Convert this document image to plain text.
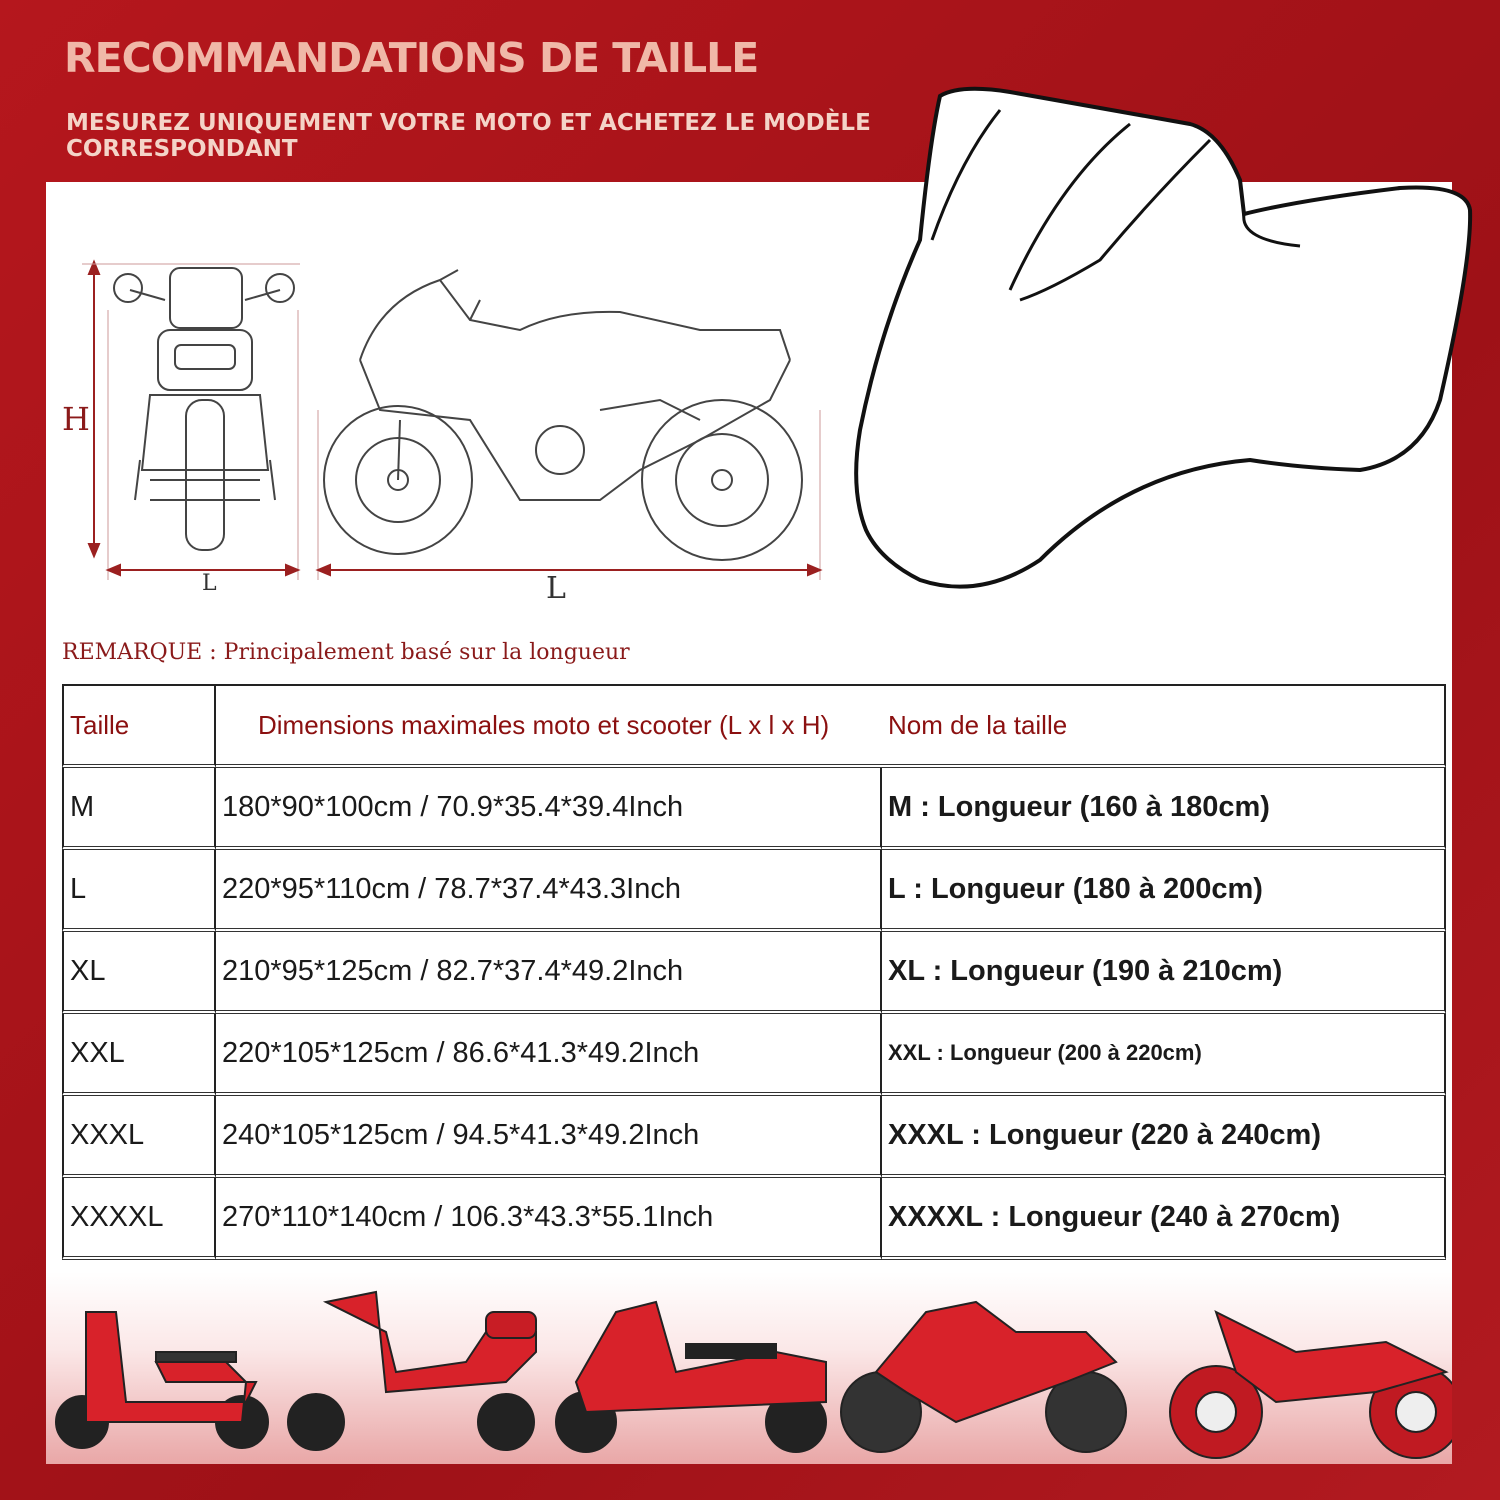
RECOMMANDATIONS DE TAILLE

MESUREZ UNIQUEMENT VOTRE MOTO ET ACHETEZ LE MODÈLE CORRESPONDANT

H
L	L
REMARQUE : Principalement basé sur la longueur
Taille	Dimensions maximales moto et scooter (L x l x H)	Nom de la taille
M	180*90*100cm / 70.9*35.4*39.4Inch	M : Longueur (160 à 180cm)
L	220*95*110cm / 78.7*37.4*43.3Inch	L : Longueur (180 à 200cm)
XL	210*95*125cm / 82.7*37.4*49.2Inch	XL : Longueur (190 à 210cm)
XXL	220*105*125cm / 86.6*41.3*49.2Inch	XXL : Longueur (200 à 220cm)
XXXL	240*105*125cm / 94.5*41.3*49.2Inch	XXXL : Longueur (220 à 240cm)
XXXXL	270*110*140cm / 106.3*43.3*55.1Inch	XXXXL : Longueur (240 à 270cm)
